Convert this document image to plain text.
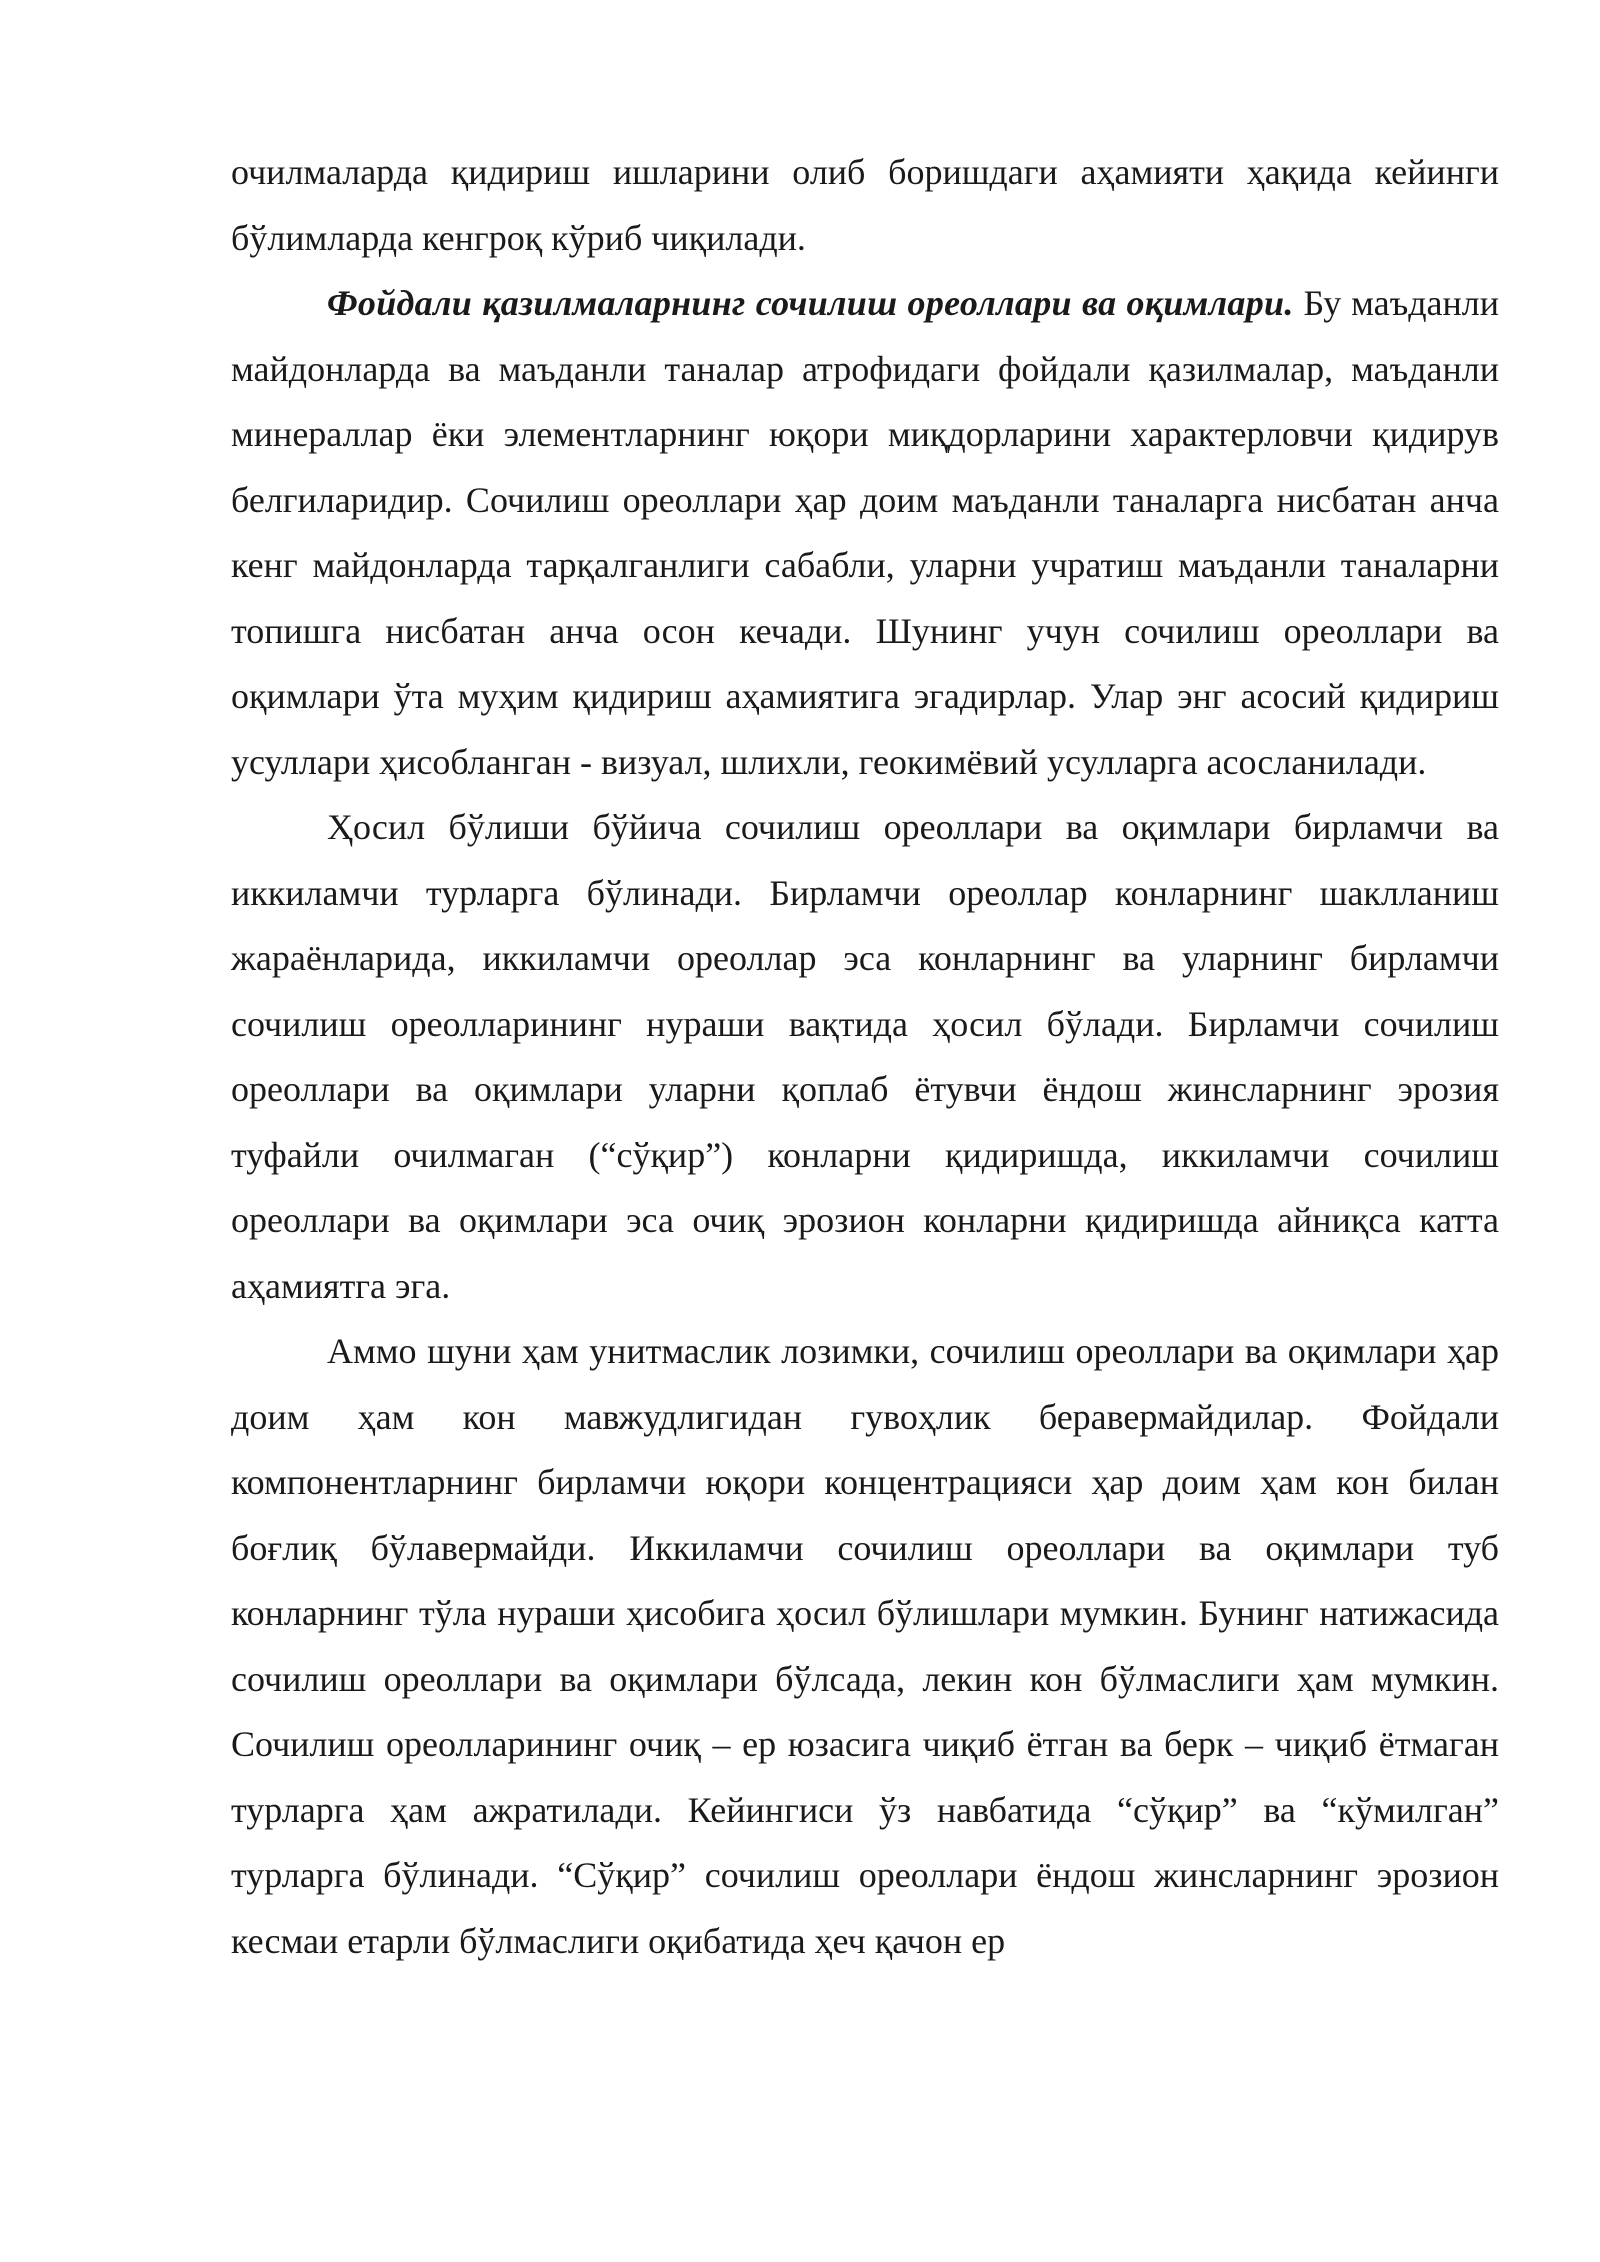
очилмаларда қидириш ишларини олиб боришдаги аҳамияти ҳақида кейинги бўлимларда кенгроқ кўриб чиқилади.

Фойдали қазилмаларнинг сочилиш ореоллари ва оқимлари. Бу маъданли майдонларда ва маъданли таналар атрофидаги фойдали қазилмалар, маъданли минераллар ёки элементларнинг юқори миқдорларини характерловчи қидирув белгиларидир. Сочилиш ореоллари ҳар доим маъданли таналарга нисбатан анча кенг майдонларда тарқалганлиги сабабли, уларни учратиш маъданли таналарни топишга нисбатан анча осон кечади. Шунинг учун сочилиш ореоллари ва оқимлари ўта муҳим қидириш аҳамиятига эгадирлар. Улар энг асосий қидириш усуллари ҳисобланган - визуал, шлихли, геокимёвий усулларга асосланилади.

Ҳосил бўлиши бўйича сочилиш ореоллари ва оқимлари бирламчи ва иккиламчи турларга бўлинади. Бирламчи ореоллар конларнинг шаклланиш жараёнларида, иккиламчи ореоллар эса конларнинг ва уларнинг бирламчи сочилиш ореолларининг нураши вақтида ҳосил бўлади. Бирламчи сочилиш ореоллари ва оқимлари уларни қоплаб ётувчи ёндош жинсларнинг эрозия туфайли очилмаган (“сўқир”) конларни қидиришда, иккиламчи сочилиш ореоллари ва оқимлари эса очиқ эрозион конларни қидиришда айниқса катта аҳамиятга эга.

Аммо шуни ҳам унитмаслик лозимки, сочилиш ореоллари ва оқимлари ҳар доим ҳам кон мавжудлигидан гувоҳлик беравермайдилар. Фойдали компонентларнинг бирламчи юқори концентрацияси ҳар доим ҳам кон билан боғлиқ бўлавермайди. Иккиламчи сочилиш ореоллари ва оқимлари туб конларнинг тўла нураши ҳисобига ҳосил бўлишлари мумкин. Бунинг натижасида сочилиш ореоллари ва оқимлари бўлсада, лекин кон бўлмаслиги ҳам мумкин. Сочилиш ореолларининг очиқ – ер юзасига чиқиб ётган ва берк – чиқиб ётмаган турларга ҳам ажратилади. Кейингиси ўз навбатида “сўқир” ва “кўмилган” турларга бўлинади. “Сўқир” сочилиш ореоллари ёндош жинсларнинг эрозион кесмаи етарли бўлмаслиги оқибатида ҳеч қачон ер
